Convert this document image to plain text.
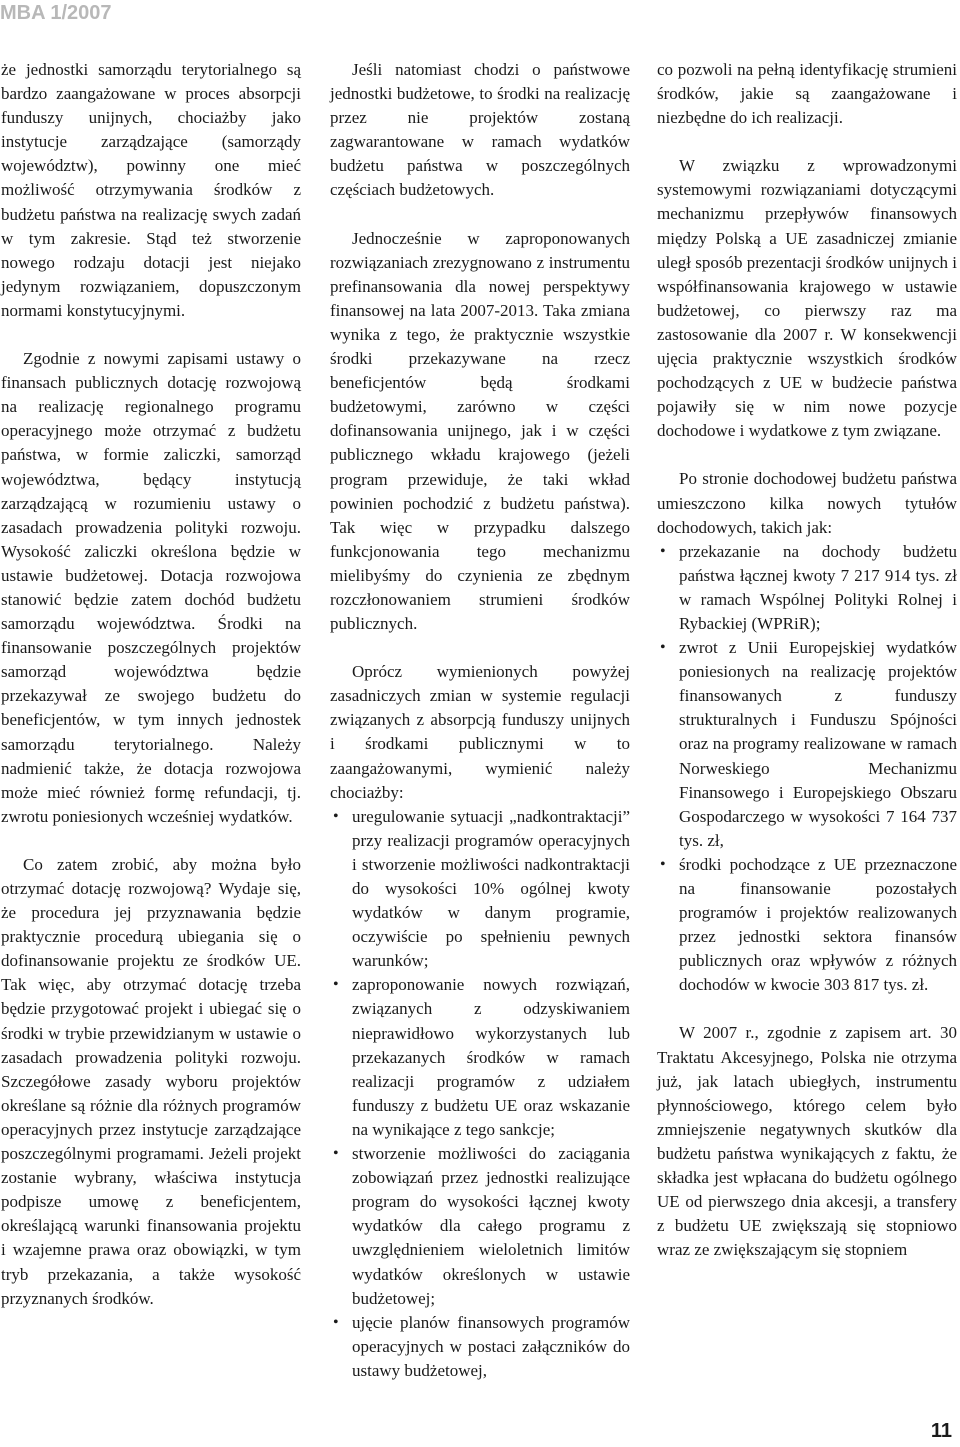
MBA 1/2007

że jednostki samorządu terytorialnego są bardzo zaangażowane w proces absorpcji funduszy unijnych, chociażby jako instytucje zarządzające (samorządy województw), powinny one mieć możliwość otrzymywania środków z budżetu państwa na realizację swych zadań w tym zakresie. Stąd też stworzenie nowego rodzaju dotacji jest niejako jedynym rozwiązaniem, dopuszczonym normami konstytucyjnymi.

Zgodnie z nowymi zapisami ustawy o finansach publicznych dotację rozwojową na realizację regionalnego programu operacyjnego może otrzymać z budżetu państwa, w formie zaliczki, samorząd województwa, będący instytucją zarządzającą w rozumieniu ustawy o zasadach prowadzenia polityki rozwoju. Wysokość zaliczki określona będzie w ustawie budżetowej. Dotacja rozwojowa stanowić będzie zatem dochód budżetu samorządu województwa. Środki na finansowanie poszczególnych projektów samorząd województwa będzie przekazywał ze swojego budżetu do beneficjentów, w tym innych jednostek samorządu terytorialnego. Należy nadmienić także, że dotacja rozwojowa może mieć również formę refundacji, tj. zwrotu poniesionych wcześniej wydatków.

Co zatem zrobić, aby można było otrzymać dotację rozwojową? Wydaje się, że procedura jej przyznawania będzie praktycznie procedurą ubiegania się o dofinansowanie projektu ze środków UE. Tak więc, aby otrzymać dotację trzeba będzie przygotować projekt i ubiegać się o środki w trybie przewidzianym w ustawie o zasadach prowadzenia polityki rozwoju. Szczegółowe zasady wyboru projektów określane są różnie dla różnych programów operacyjnych przez instytucje zarządzające poszczególnymi programami. Jeżeli projekt zostanie wybrany, właściwa instytucja podpisze umowę z beneficjentem, określającą warunki finansowania projektu i wzajemne prawa oraz obowiązki, w tym tryb przekazania, a także wysokość przyznanych środków.

Jeśli natomiast chodzi o państwowe jednostki budżetowe, to środki na realizację przez nie projektów zostaną zagwarantowane w ramach wydatków budżetu państwa w poszczególnych częściach budżetowych.

Jednocześnie w zaproponowanych rozwiązaniach zrezygnowano z instrumentu prefinansowania dla nowej perspektywy finansowej na lata 2007-2013. Taka zmiana wynika z tego, że praktycznie wszystkie środki przekazywane na rzecz beneficjentów będą środkami budżetowymi, zarówno w części dofinansowania unijnego, jak i w części publicznego wkładu krajowego (jeżeli program przewiduje, że taki wkład powinien pochodzić z budżetu państwa). Tak więc w przypadku dalszego funkcjonowania tego mechanizmu mielibyśmy do czynienia ze zbędnym rozczłonowaniem strumieni środków publicznych.

Oprócz wymienionych powyżej zasadniczych zmian w systemie regulacji związanych z absorpcją funduszy unijnych i środkami publicznymi w to zaangażowanymi, wymienić należy chociażby:

• uregulowanie sytuacji „nadkontraktacji” przy realizacji programów operacyjnych i stworzenie możliwości nadkontraktacji do wysokości 10% ogólnej kwoty wydatków w danym programie, oczywiście po spełnieniu pewnych warunków;
• zaproponowanie nowych rozwiązań, związanych z odzyskiwaniem nieprawidłowo wykorzystanych lub przekazanych środków w ramach realizacji programów z udziałem funduszy z budżetu UE oraz wskazanie na wynikające z tego sankcje;
• stworzenie możliwości do zaciągania zobowiązań przez jednostki realizujące program do wysokości łącznej kwoty wydatków dla całego programu z uwzględnieniem wieloletnich limitów wydatków określonych w ustawie budżetowej;
• ujęcie planów finansowych programów operacyjnych w postaci załączników do ustawy budżetowej,

co pozwoli na pełną identyfikację strumieni środków, jakie są zaangażowane i niezbędne do ich realizacji.

W związku z wprowadzonymi systemowymi rozwiązaniami dotyczącymi mechanizmu przepływów finansowych między Polską a UE zasadniczej zmianie uległ sposób prezentacji środków unijnych i współfinansowania krajowego w ustawie budżetowej, co pierwszy raz ma zastosowanie dla 2007 r. W konsekwencji ujęcia praktycznie wszystkich środków pochodzących z UE w budżecie państwa pojawiły się w nim nowe pozycje dochodowe i wydatkowe z tym związane.

Po stronie dochodowej budżetu państwa umieszczono kilka nowych tytułów dochodowych, takich jak:

• przekazanie na dochody budżetu państwa łącznej kwoty 7 217 914 tys. zł w ramach Wspólnej Polityki Rolnej i Rybackiej (WPRiR);
• zwrot z Unii Europejskiej wydatków poniesionych na realizację projektów finansowanych z funduszy strukturalnych i Funduszu Spójności oraz na programy realizowane w ramach Norweskiego Mechanizmu Finansowego i Europejskiego Obszaru Gospodarczego w wysokości 7 164 737 tys. zł,
• środki pochodzące z UE przeznaczone na finansowanie pozostałych programów i projektów realizowanych przez jednostki sektora finansów publicznych oraz wpływów z różnych dochodów w kwocie 303 817 tys. zł.

W 2007 r., zgodnie z zapisem art. 30 Traktatu Akcesyjnego, Polska nie otrzyma już, jak latach ubiegłych, instrumentu płynnościowego, którego celem było zmniejszenie negatywnych skutków dla budżetu państwa wynikających z faktu, że składka jest wpłacana do budżetu ogólnego UE od pierwszego dnia akcesji, a transfery z budżetu UE zwiększają się stopniowo wraz ze zwiększającym się stopniem

11
